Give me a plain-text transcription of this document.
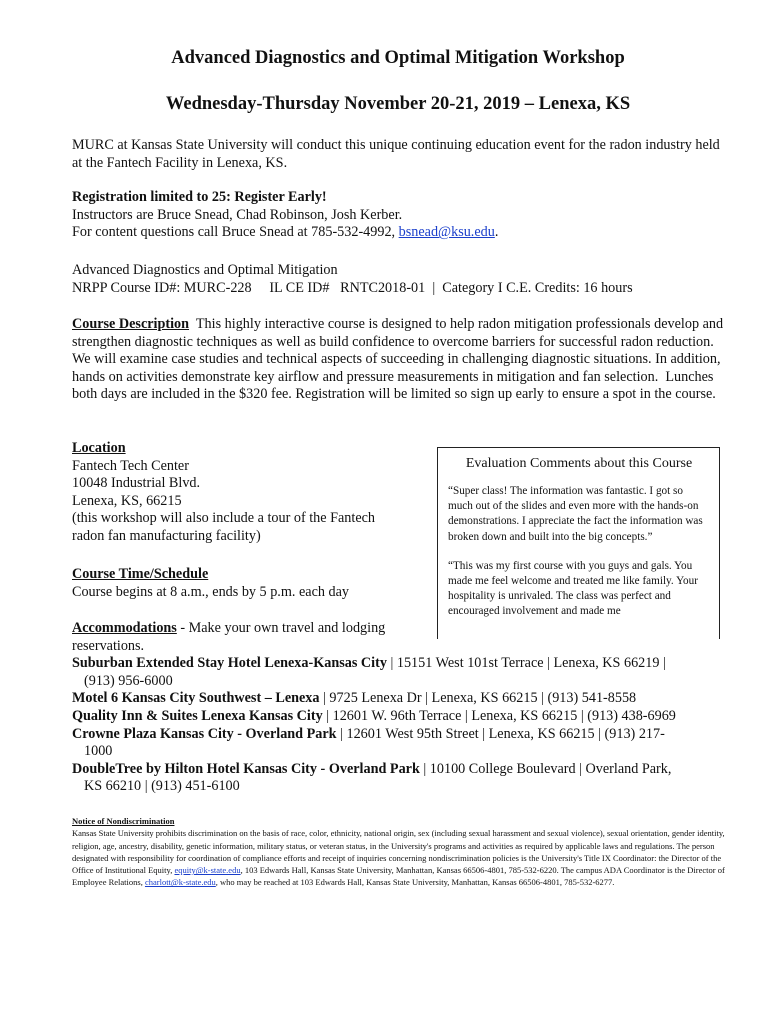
Advanced Diagnostics and Optimal Mitigation Workshop
Wednesday-Thursday November 20-21, 2019 – Lenexa, KS
MURC at Kansas State University will conduct this unique continuing education event for the radon industry held at the Fantech Facility in Lenexa, KS.
Registration limited to 25: Register Early!
Instructors are Bruce Snead, Chad Robinson, Josh Kerber.
For content questions call Bruce Snead at 785-532-4992, bsnead@ksu.edu.
Advanced Diagnostics and Optimal Mitigation
NRPP Course ID#: MURC-228     IL CE ID#   RNTC2018-01  |  Category I C.E. Credits: 16 hours
Course Description  This highly interactive course is designed to help radon mitigation professionals develop and strengthen diagnostic techniques as well as build confidence to overcome barriers for successful radon reduction. We will examine case studies and technical aspects of succeeding in challenging diagnostic situations. In addition, hands on activities demonstrate key airflow and pressure measurements in mitigation and fan selection.  Lunches both days are included in the $320 fee. Registration will be limited so sign up early to ensure a spot in the course.
Location
Fantech Tech Center
10048 Industrial Blvd.
Lenexa, KS, 66215
(this workshop will also include a tour of the Fantech
radon fan manufacturing facility)
Course Time/Schedule
Course begins at 8 a.m., ends by 5 p.m. each day
Evaluation Comments about this Course

“Super class! The information was fantastic. I got so much out of the slides and even more with the hands-on demonstrations. I appreciate the fact the information was broken down and built into the big concepts.”

“This was my first course with you guys and gals. You made me feel welcome and treated me like family. Your hospitality is unrivaled. The class was perfect and encouraged involvement and made me

Accommodations - Make your own travel and lodging
reservations.
Suburban Extended Stay Hotel Lenexa-Kansas City | 15151 West 101st Terrace | Lenexa, KS 66219 |
(913) 956-6000
Motel 6 Kansas City Southwest – Lenexa | 9725 Lenexa Dr | Lenexa, KS 66215 | (913) 541-8558
Quality Inn & Suites Lenexa Kansas City | 12601 W. 96th Terrace | Lenexa, KS 66215 | (913) 438-6969
Crowne Plaza Kansas City - Overland Park | 12601 West 95th Street | Lenexa, KS 66215 | (913) 217-
1000
DoubleTree by Hilton Hotel Kansas City - Overland Park | 10100 College Boulevard | Overland Park,
KS 66210 | (913) 451-6100
Notice of Nondiscrimination
Kansas State University prohibits discrimination on the basis of race, color, ethnicity, national origin, sex (including sexual harassment and sexual violence), sexual orientation, gender identity, religion, age, ancestry, disability, genetic information, military status, or veteran status, in the University's programs and activities as required by applicable laws and regulations. The person designated with responsibility for coordination of compliance efforts and receipt of inquiries concerning nondiscrimination policies is the University's Title IX Coordinator: the Director of the Office of Institutional Equity, equity@k-state.edu, 103 Edwards Hall, Kansas State University, Manhattan, Kansas 66506-4801, 785-532-6220. The campus ADA Coordinator is the Director of Employee Relations, charlott@k-state.edu, who may be reached at 103 Edwards Hall, Kansas State University, Manhattan, Kansas 66506-4801, 785-532-6277.
